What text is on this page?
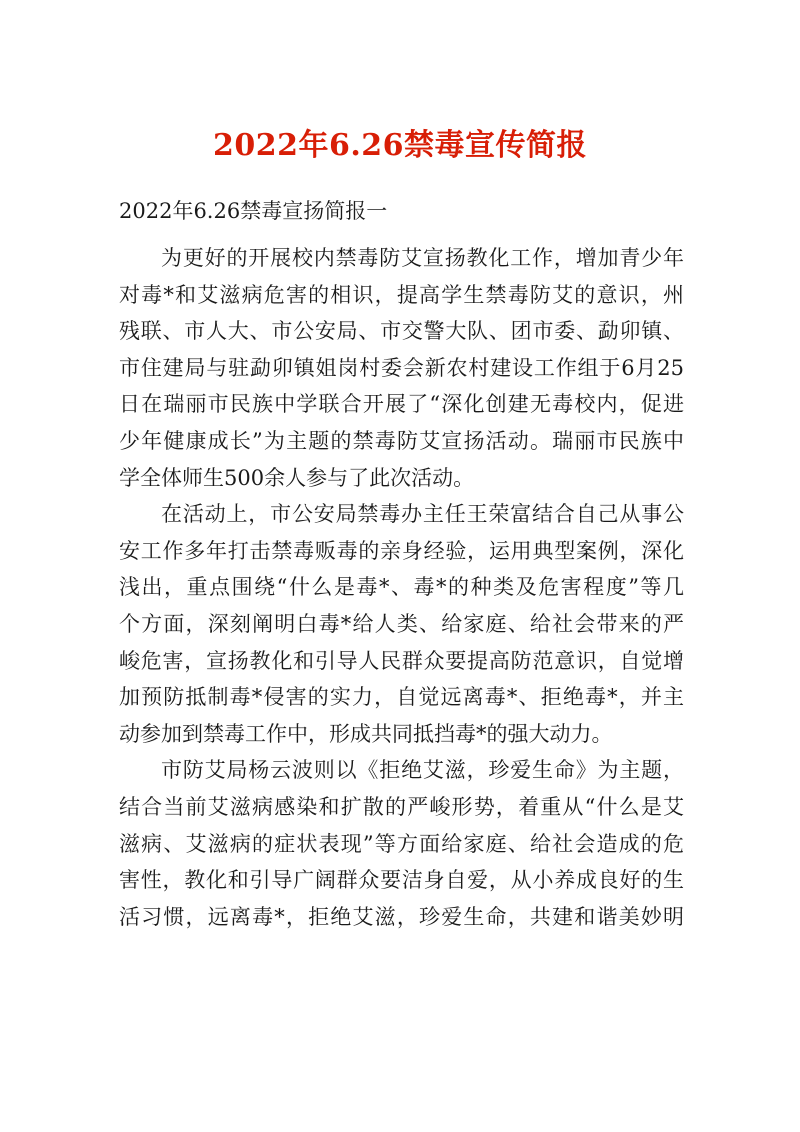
2022年6.26禁毒宣传简报
2022年6.26禁毒宣扬简报一
为更好的开展校内禁毒防艾宣扬教化工作，增加青少年
对毒*和艾滋病危害的相识，提高学生禁毒防艾的意识，州
残联、市人大、市公安局、市交警大队、团市委、勐卯镇、
市住建局与驻勐卯镇姐岗村委会新农村建设工作组于6月25
日在瑞丽市民族中学联合开展了“深化创建无毒校内，促进
少年健康成长”为主题的禁毒防艾宣扬活动。瑞丽市民族中
学全体师生500余人参与了此次活动。
在活动上，市公安局禁毒办主任王荣富结合自己从事公
安工作多年打击禁毒贩毒的亲身经验，运用典型案例，深化
浅出，重点围绕“什么是毒*、毒*的种类及危害程度”等几
个方面，深刻阐明白毒*给人类、给家庭、给社会带来的严
峻危害，宣扬教化和引导人民群众要提高防范意识，自觉增
加预防抵制毒*侵害的实力，自觉远离毒*、拒绝毒*，并主
动参加到禁毒工作中，形成共同抵挡毒*的强大动力。
市防艾局杨云波则以《拒绝艾滋，珍爱生命》为主题，
结合当前艾滋病感染和扩散的严峻形势，着重从“什么是艾
滋病、艾滋病的症状表现”等方面给家庭、给社会造成的危
害性，教化和引导广阔群众要洁身自爱，从小养成良好的生
活习惯，远离毒*，拒绝艾滋，珍爱生命，共建和谐美妙明
